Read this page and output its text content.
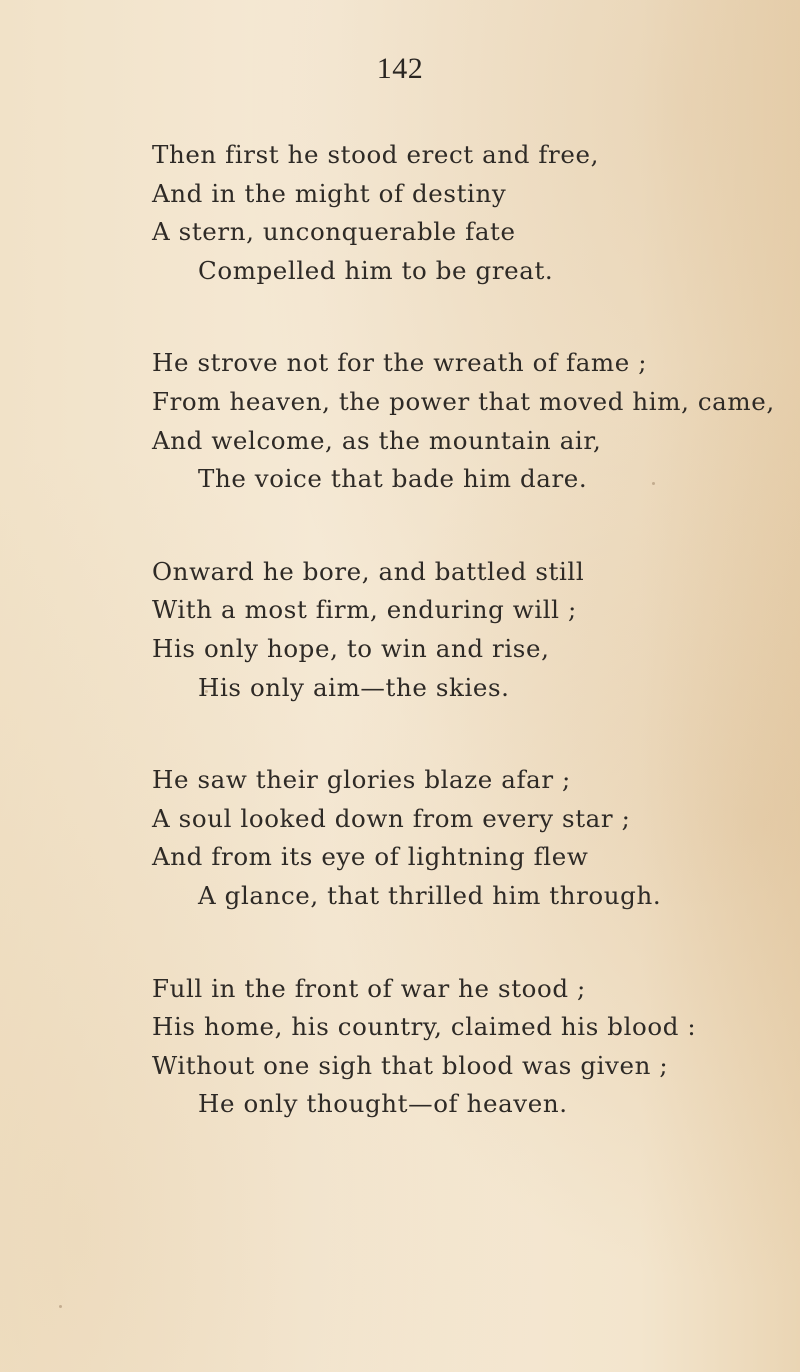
142
Then first he stood erect and free,
And in the might of destiny
A stern, unconquerable fate
Compelled him to be great.
He strove not for the wreath of fame ;
From heaven, the power that moved him, came,
And welcome, as the mountain air,
The voice that bade him dare.
Onward he bore, and battled still
With a most firm, enduring will ;
His only hope, to win and rise,
His only aim—the skies.
He saw their glories blaze afar ;
A soul looked down from every star ;
And from its eye of lightning flew
A glance, that thrilled him through.
Full in the front of war he stood ;
His home, his country, claimed his blood :
Without one sigh that blood was given ;
He only thought—of heaven.
